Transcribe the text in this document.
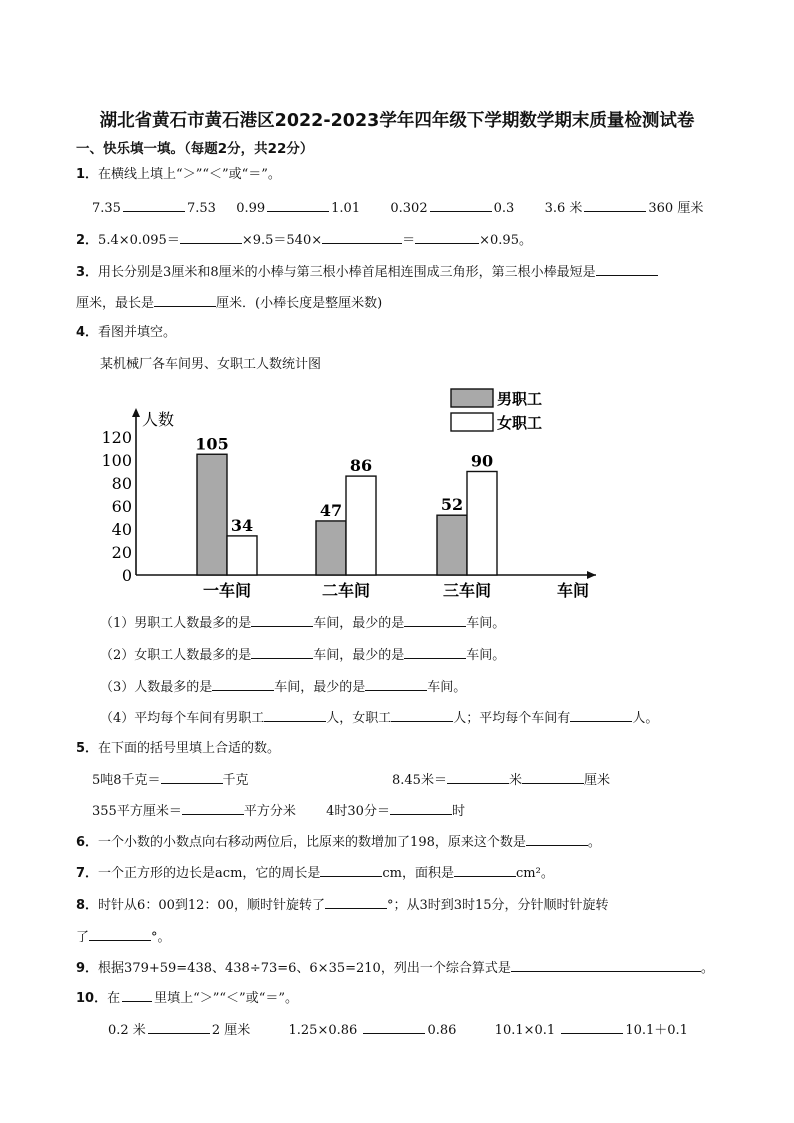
湖北省黄石市黄石港区2022-2023学年四年级下学期数学期末质量检测试卷
一、快乐填一填。（每题2分，共22分）
1．在横线上填上“＞”“＜”或“＝”。
7.35	7.53 0.99	1.01 0.302	0.3 3.6 米	360 厘米
2．5.4×0.095＝	×9.5＝540×	＝	×0.95。
3．用长分别是3厘米和8厘米的小棒与第三根小棒首尾相连围成三角形，第三根小棒最短是
厘米，最长是	厘米．(小棒长度是整厘米数)
4．看图并填空。
某机械厂各车间男、女职工人数统计图
人数
车间
0
20
40
60
80
100
120	105
34
一车间
47
86
二车间
52
90
三车间
男职工
女职工
（1）男职工人数最多的是	车间，最少的是	车间。
（2）女职工人数最多的是	车间，最少的是	车间。
（3）人数最多的是	车间，最少的是	车间。
（4）平均每个车间有男职工	人，女职工	人；平均每个车间有	人。
5．在下面的括号里填上合适的数。
5吨8千克＝	千克	8.45米＝	米	厘米
355平方厘米＝	平方分米 4时30分＝	时
6．一个小数的小数点向右移动两位后，比原来的数增加了198，原来这个数是	。
7．一个正方形的边长是acm，它的周长是	cm，面积是	cm²。
8．时针从6：00到12：00，顺时针旋转了	°；从3时到3时15分，分针顺时针旋转
了	°。
9．根据379+59=438、438÷73=6、6×35=210，列出一个综合算式是	。
10．在	里填上“＞”“＜”或“＝”。
0.2 米	2 厘米	1.25×0.86	0.86	10.1×0.1	10.1＋0.1
